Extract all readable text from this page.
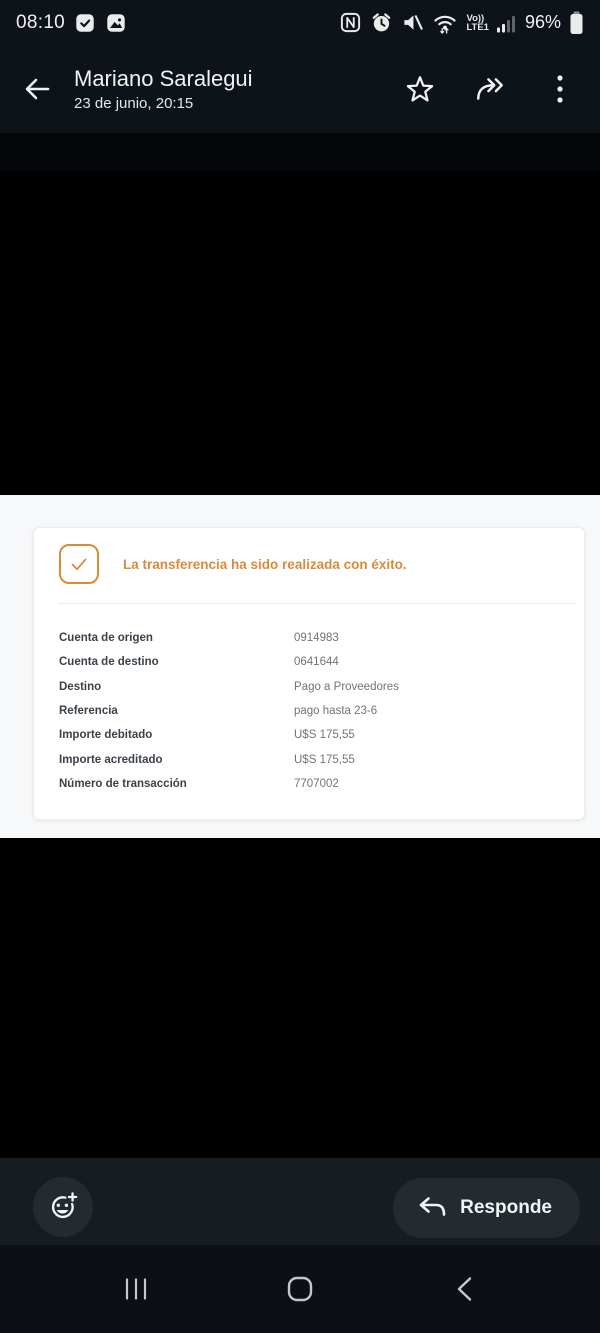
08:10	Vo))
LTE1 96%
Mariano Saralegui
23 de junio, 20:15
La transferencia ha sido realizada con éxito.
Cuenta de origen	0914983
Cuenta de destino	0641644
Destino	Pago a Proveedores
Referencia	pago hasta 23-6
Importe debitado	U$S 175,55
Importe acreditado	U$S 175,55
Número de transacción	7707002
Responde
